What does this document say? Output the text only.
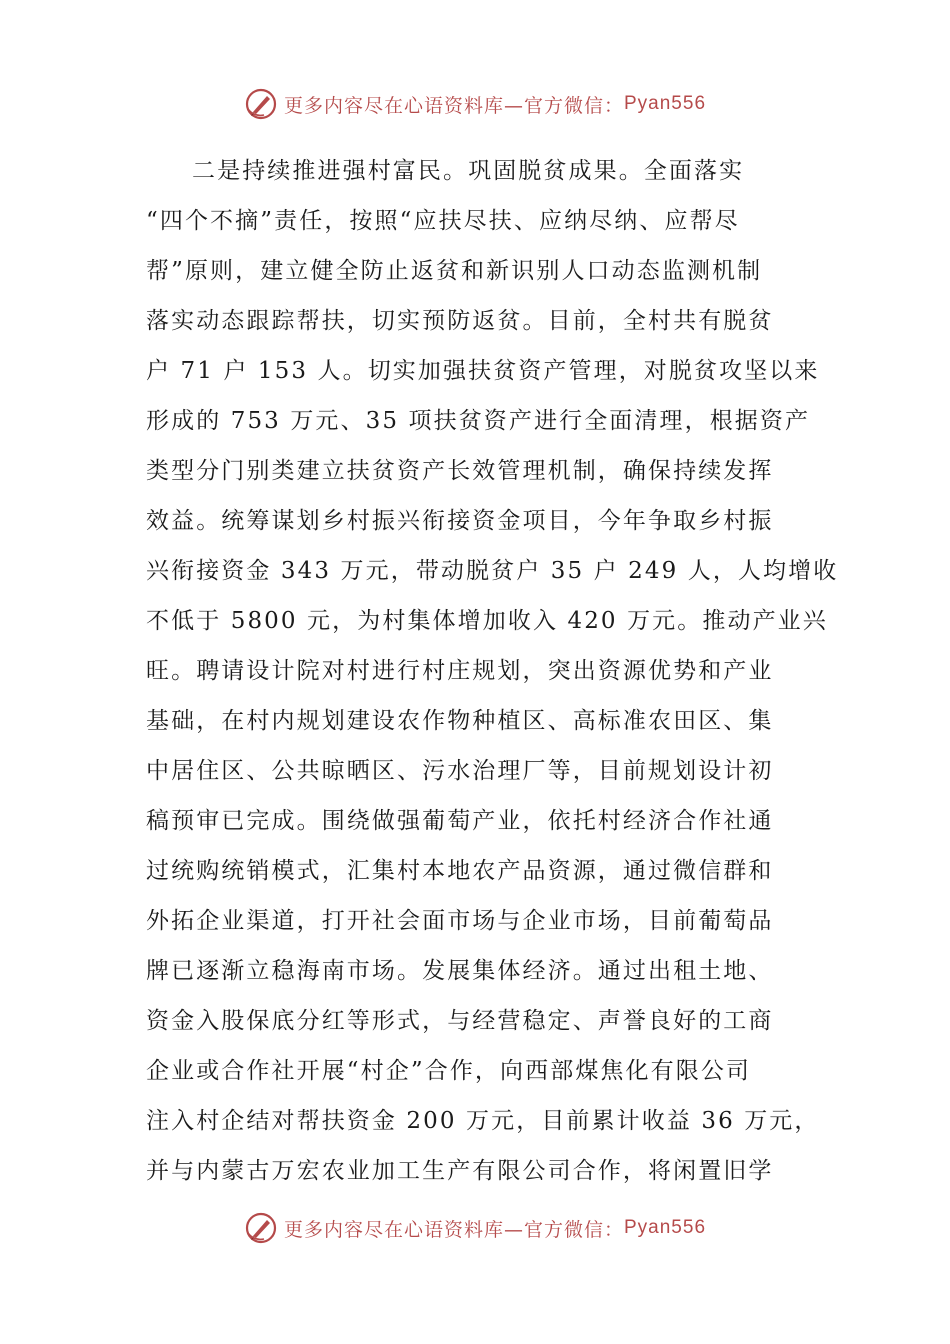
更多内容尽在心语资料库—官方微信： Pyan556
二是持续推进强村富民。巩固脱贫成果。全面落实
“四个不摘”责任，按照“应扶尽扶、应纳尽纳、应帮尽
帮”原则，建立健全防止返贫和新识别人口动态监测机制
落实动态跟踪帮扶，切实预防返贫。目前，全村共有脱贫
户 71 户 153 人。切实加强扶贫资产管理，对脱贫攻坚以来
形成的 753 万元、35 项扶贫资产进行全面清理，根据资产
类型分门别类建立扶贫资产长效管理机制，确保持续发挥
效益。统筹谋划乡村振兴衔接资金项目，今年争取乡村振
兴衔接资金 343 万元，带动脱贫户 35 户 249 人，人均增收
不低于 5800 元，为村集体增加收入 420 万元。推动产业兴
旺。聘请设计院对村进行村庄规划，突出资源优势和产业
基础，在村内规划建设农作物种植区、高标准农田区、集
中居住区、公共晾晒区、污水治理厂等，目前规划设计初
稿预审已完成。围绕做强葡萄产业，依托村经济合作社通
过统购统销模式，汇集村本地农产品资源，通过微信群和
外拓企业渠道，打开社会面市场与企业市场，目前葡萄品
牌已逐渐立稳海南市场。发展集体经济。通过出租土地、
资金入股保底分红等形式，与经营稳定、声誉良好的工商
企业或合作社开展“村企”合作，向西部煤焦化有限公司
注入村企结对帮扶资金 200 万元，目前累计收益 36 万元，
并与内蒙古万宏农业加工生产有限公司合作，将闲置旧学
更多内容尽在心语资料库—官方微信： Pyan556
